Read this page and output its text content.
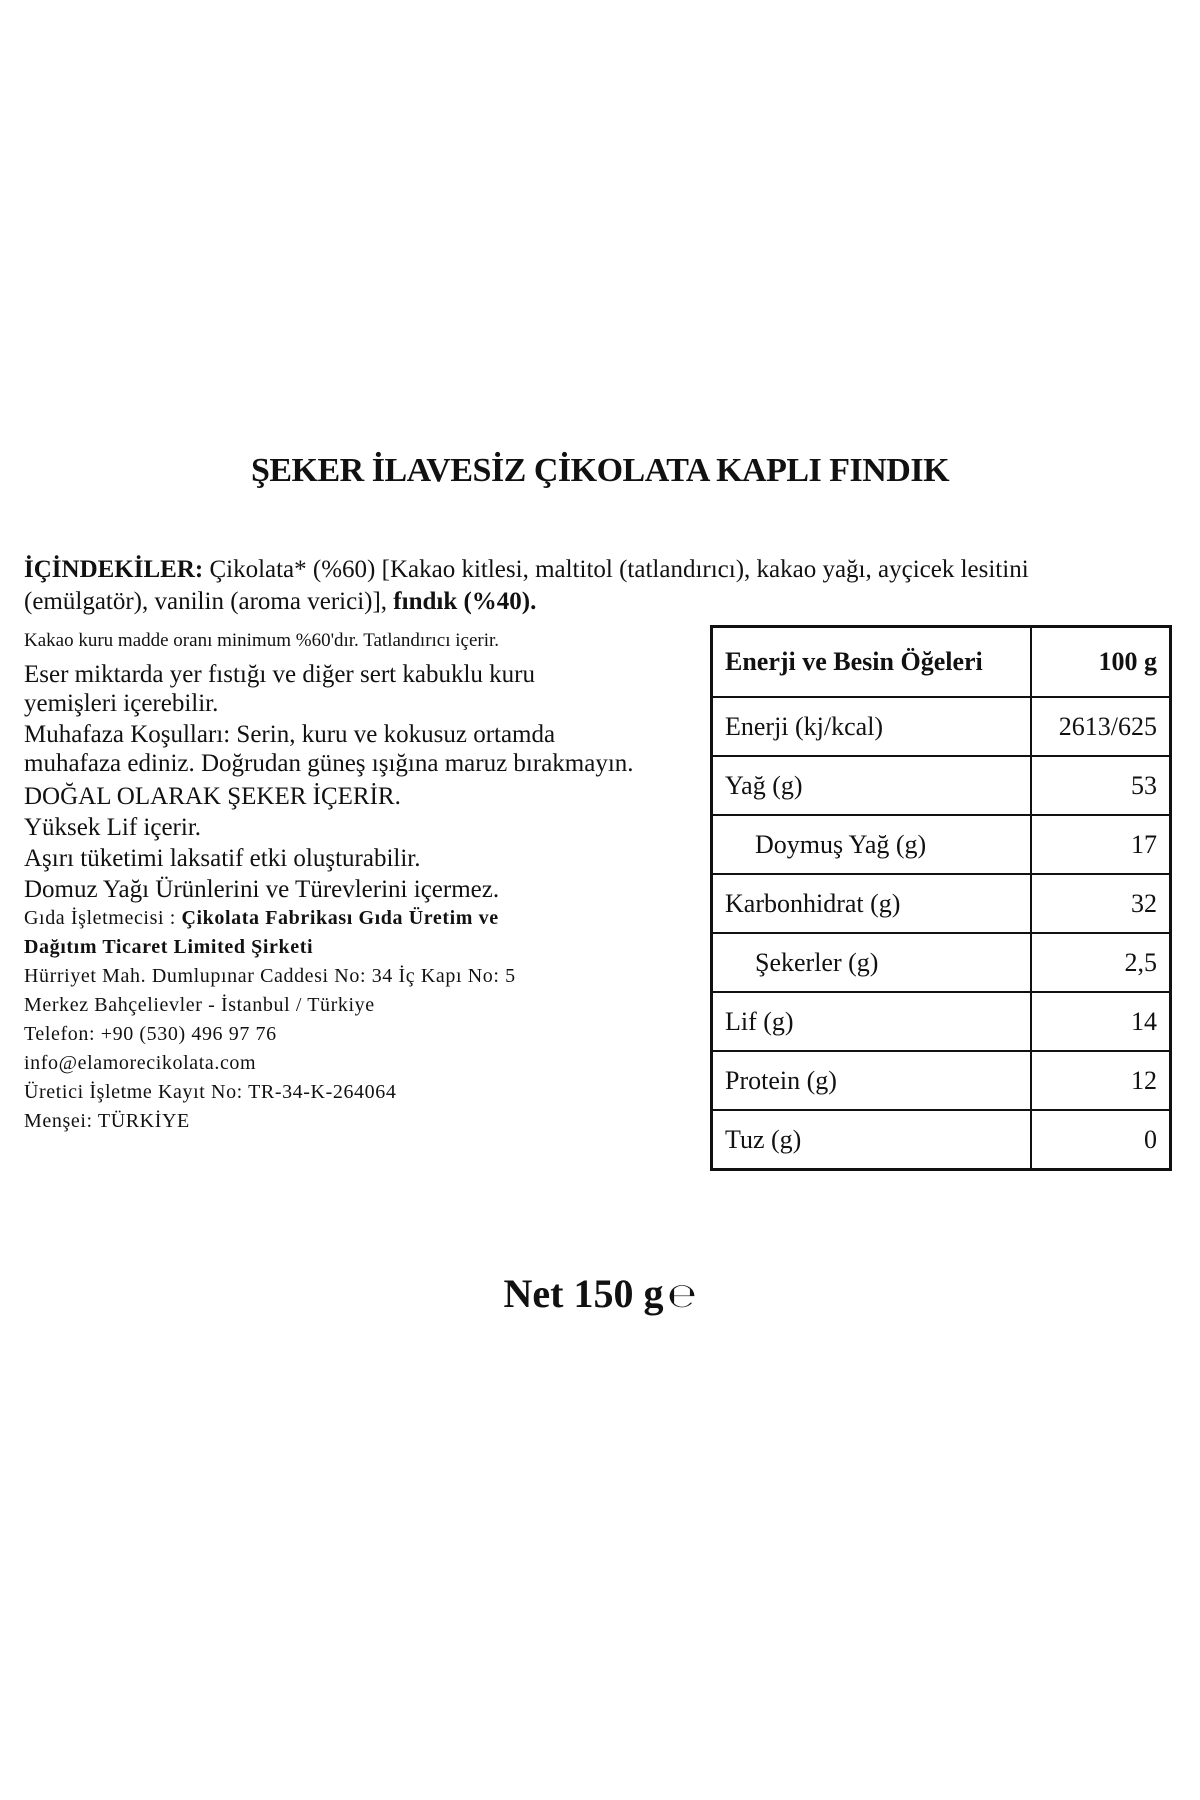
ŞEKER İLAVESİZ ÇİKOLATA KAPLI FINDIK
İÇİNDEKİLER: Çikolata* (%60) [Kakao kitlesi, maltitol (tatlandırıcı), kakao yağı, ayçicek lesitini (emülgatör), vanilin (aroma verici)], fındık (%40).
Kakao kuru madde oranı minimum %60'dır. Tatlandırıcı içerir.
Eser miktarda yer fıstığı ve diğer sert kabuklu kuru
yemişleri içerebilir.
Muhafaza Koşulları: Serin, kuru ve kokusuz ortamda
muhafaza ediniz. Doğrudan güneş ışığına maruz bırakmayın.
DOĞAL OLARAK ŞEKER İÇERİR.
Yüksek Lif içerir.
Aşırı tüketimi laksatif etki oluşturabilir.
Domuz Yağı Ürünlerini ve Türevlerini içermez.
Gıda İşletmecisi : Çikolata Fabrikası Gıda Üretim ve
Dağıtım Ticaret Limited Şirketi
Hürriyet Mah. Dumlupınar Caddesi No: 34 İç Kapı No: 5
Merkez Bahçelievler - İstanbul / Türkiye
Telefon: +90 (530) 496 97 76
info@elamorecikolata.com
Üretici İşletme Kayıt No: TR-34-K-264064
Menşei: TÜRKİYE
Enerji ve Besin Öğeleri	100 g
Enerji (kj/kcal)	2613/625
Yağ (g)	53
Doymuş Yağ (g)	17
Karbonhidrat (g)	32
Şekerler (g)	2,5
Lif (g)	14
Protein (g)	12
Tuz (g)	0
Net 150 g ℮
